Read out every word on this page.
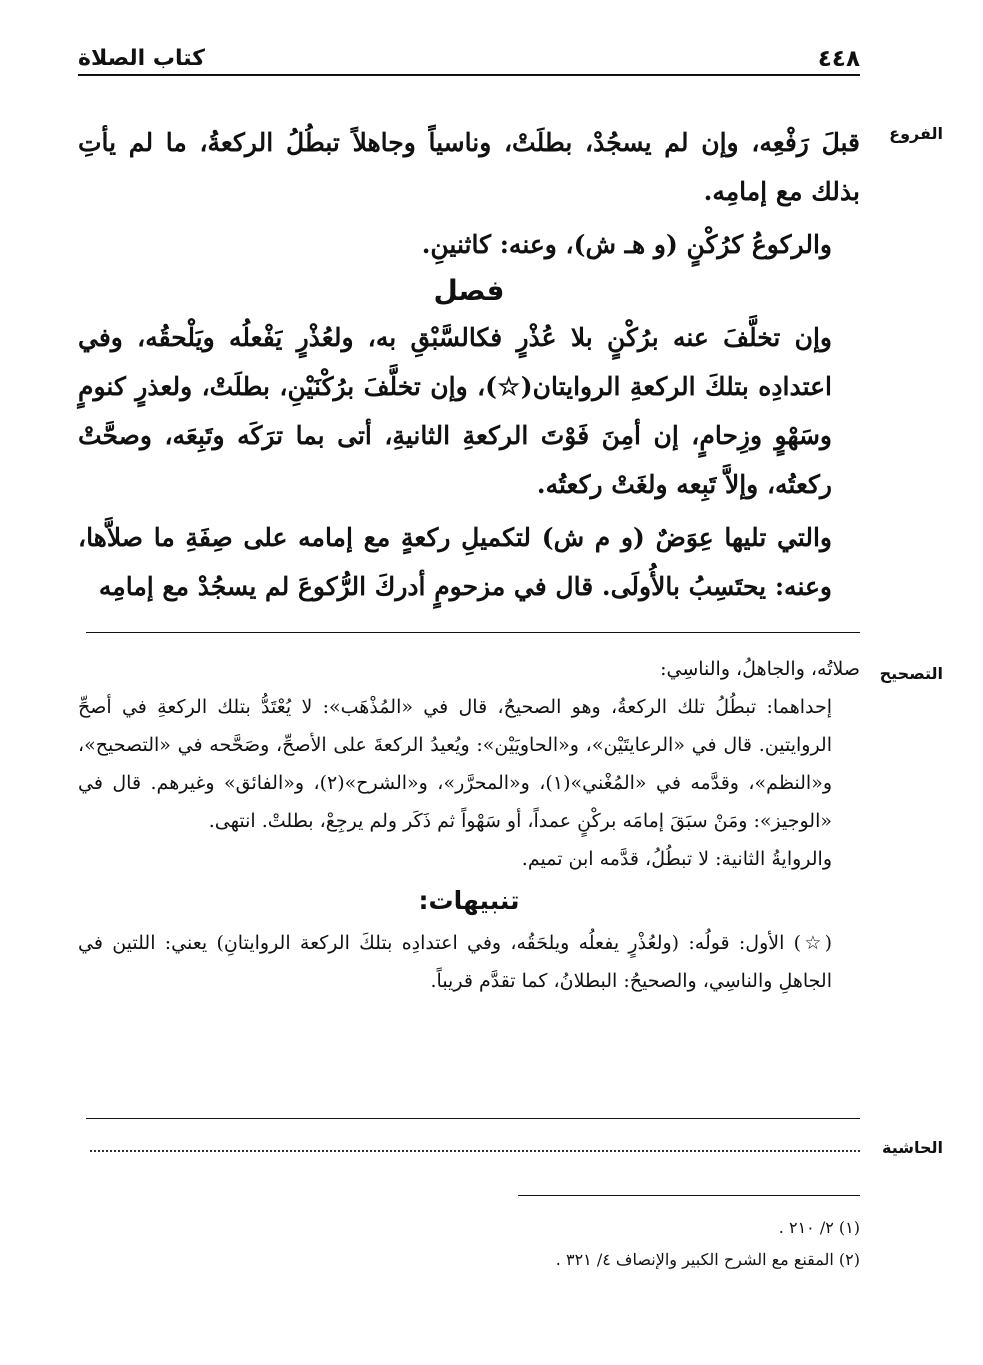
٤٤٨
كتاب الصلاة
الفروع

قبلَ رَفْعِه، وإن لم يسجُدْ، بطلَتْ، وناسياً وجاهلاً تبطُلُ الركعةُ، ما لم يأتِ بذلك مع إمامِه.

والركوعُ كرُكْنٍ (و هـ ش)، وعنه: كاثنينِ.

فصل

وإن تخلَّفَ عنه برُكْنٍ بلا عُذْرٍ فكالسَّبْقِ به، ولعُذْرٍ يَفْعلُه ويَلْحقُه، وفي اعتدادِه بتلكَ الركعةِ الروايتان(☆)، وإن تخلَّفَ برُكْنَيْنِ، بطلَتْ، ولعذرٍ كنومٍ وسَهْوٍ وزِحامٍ، إن أمِنَ فَوْتَ الركعةِ الثانيةِ، أتى بما ترَكَه وتَبِعَه، وصحَّتْ ركعتُه، وإلاَّ تَبِعه ولغَتْ ركعتُه.

والتي تليها عِوَضٌ (و م ش) لتكميلِ ركعةٍ مع إمامه على صِفَةِ ما صلاَّها، وعنه: يحتَسِبُ بالأُولَى. قال في مزحومٍ أدركَ الرُّكوعَ لم يسجُدْ مع إمامِه

التصحيح

صلاتُه، والجاهلُ، والناسِي:

إحداهما: تبطُلُ تلك الركعةُ، وهو الصحيحُ، قال في «المُذْهَب»: لا يُعْتَدُّ بتلك الركعةِ في أصحِّ الروايتين. قال في «الرعايتَيْن»، و«الحاويَيْن»: ويُعيدُ الركعةَ على الأصحِّ، وصَحَّحه في «التصحيح»، و«النظم»، وقدَّمه في «المُغْني»(١)، و«المحرَّر»، و«الشرح»(٢)، و«الفائق» وغيرهم. قال في «الوجيز»: ومَنْ سبَقَ إمامَه بركْنٍ عمداً، أو سَهْواً ثم ذَكَر ولم يرجِعْ، بطلتْ. انتهى.

والروايةُ الثانية: لا تبطُلُ، قدَّمه ابن تميم.

تنبيهات:

(☆) الأول: قولُه: (ولعُذْرٍ يفعلُه ويلحَقُه، وفي اعتدادِه بتلكَ الركعة الروايتانِ) يعني: اللتين في الجاهلِ والناسِي، والصحيحُ: البطلانُ، كما تقدَّم قريباً.

الحاشية
(١) ٢/ ٢١٠ .
(٢) المقنع مع الشرح الكبير والإنصاف ٤/ ٣٢١ .
